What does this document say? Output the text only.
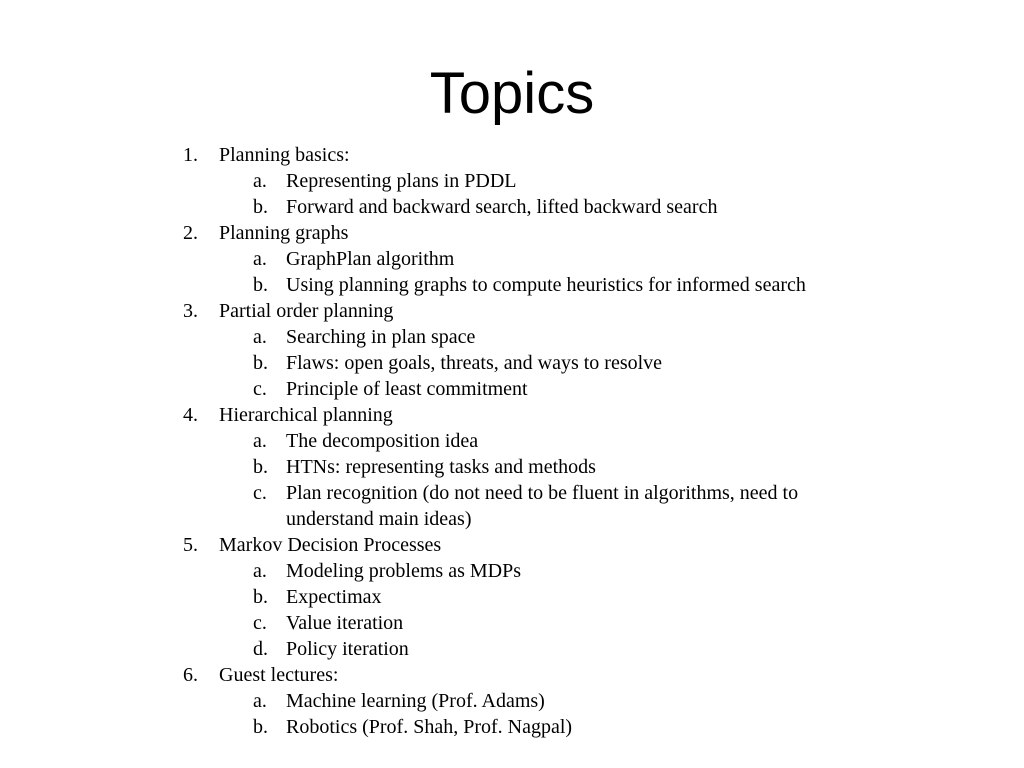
Topics
1. Planning basics:
a. Representing plans in PDDL
b. Forward and backward search, lifted backward search
2. Planning graphs
a. GraphPlan algorithm
b. Using planning graphs to compute heuristics for informed search
3. Partial order planning
a. Searching in plan space
b. Flaws: open goals, threats, and ways to resolve
c. Principle of least commitment
4. Hierarchical planning
a. The decomposition idea
b. HTNs: representing tasks and methods
c. Plan recognition (do not need to be fluent in algorithms, need to understand main ideas)
5. Markov Decision Processes
a. Modeling problems as MDPs
b. Expectimax
c. Value iteration
d. Policy iteration
6. Guest lectures:
a. Machine learning (Prof. Adams)
b. Robotics (Prof. Shah, Prof. Nagpal)
